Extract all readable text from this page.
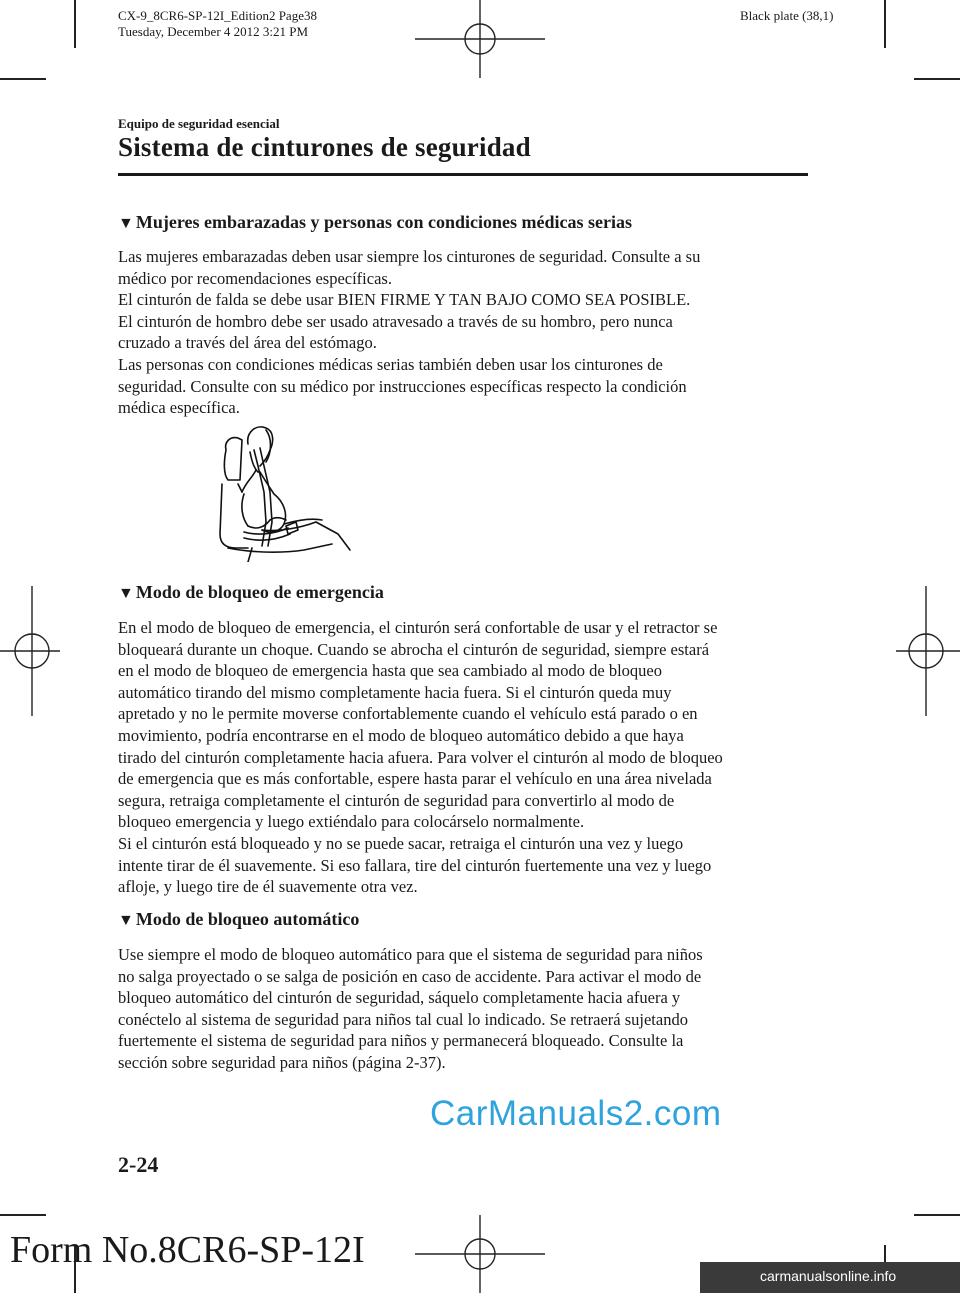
CX-9_8CR6-SP-12I_Edition2 Page38
Tuesday, December 4 2012 3:21 PM
Black plate (38,1)
Equipo de seguridad esencial
Sistema de cinturones de seguridad
▼ Mujeres embarazadas y personas con condiciones médicas serias

Las mujeres embarazadas deben usar siempre los cinturones de seguridad. Consulte a su

médico por recomendaciones específicas.

El cinturón de falda se debe usar BIEN FIRME Y TAN BAJO COMO SEA POSIBLE.

El cinturón de hombro debe ser usado atravesado a través de su hombro, pero nunca

cruzado a través del área del estómago.

Las personas con condiciones médicas serias también deben usar los cinturones de

seguridad. Consulte con su médico por instrucciones específicas respecto la condición

médica específica.

▼ Modo de bloqueo de emergencia

En el modo de bloqueo de emergencia, el cinturón será confortable de usar y el retractor se

bloqueará durante un choque. Cuando se abrocha el cinturón de seguridad, siempre estará

en el modo de bloqueo de emergencia hasta que sea cambiado al modo de bloqueo

automático tirando del mismo completamente hacia fuera. Si el cinturón queda muy

apretado y no le permite moverse confortablemente cuando el vehículo está parado o en

movimiento, podría encontrarse en el modo de bloqueo automático debido a que haya

tirado del cinturón completamente hacia afuera. Para volver el cinturón al modo de bloqueo

de emergencia que es más confortable, espere hasta parar el vehículo en una área nivelada

segura, retraiga completamente el cinturón de seguridad para convertirlo al modo de

bloqueo emergencia y luego extiéndalo para colocárselo normalmente.

Si el cinturón está bloqueado y no se puede sacar, retraiga el cinturón una vez y luego

intente tirar de él suavemente. Si eso fallara, tire del cinturón fuertemente una vez y luego

afloje, y luego tire de él suavemente otra vez.

▼ Modo de bloqueo automático

Use siempre el modo de bloqueo automático para que el sistema de seguridad para niños

no salga proyectado o se salga de posición en caso de accidente. Para activar el modo de

bloqueo automático del cinturón de seguridad, sáquelo completamente hacia afuera y

conéctelo al sistema de seguridad para niños tal cual lo indicado. Se retraerá sujetando

fuertemente el sistema de seguridad para niños y permanecerá bloqueado. Consulte la

sección sobre seguridad para niños (página 2-37).

CarManuals2.com
2-24
Form No.8CR6-SP-12I
carmanualsonline.info
